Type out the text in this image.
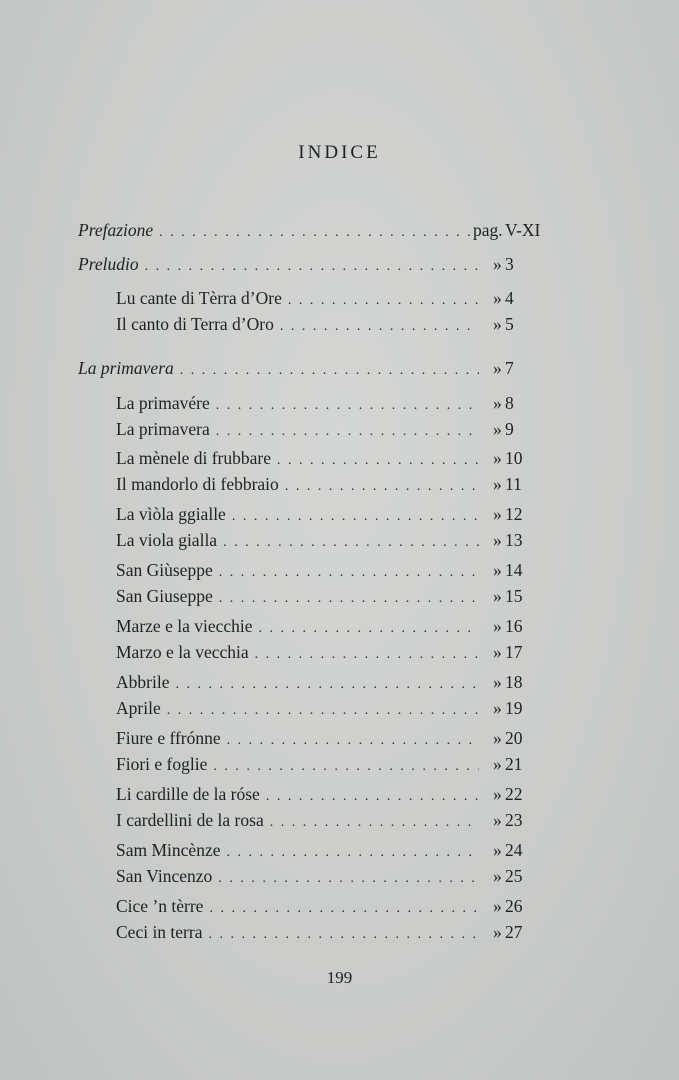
INDICE
Prefazione . . .	pag. V-XI
Preludio . . .	» 3
Lu cante di Tèrra d’Ore . . .	» 4
Il canto di Terra d’Oro . . .	» 5
La primavera . . .	» 7
La primavére . . .	» 8
La primavera . . .	» 9
La mènele di frubbare . . .	» 10
Il mandorlo di febbraio . . .	» 11
La vìòla ggialle . . .	» 12
La viola gialla . . .	» 13
San Giùseppe . . .	» 14
San Giuseppe . . .	» 15
Marze e la viecchie . . .	» 16
Marzo e la vecchia . . .	» 17
Abbrile . . .	» 18
Aprile . . .	» 19
Fiure e ffrónne . . .	» 20
Fiori e foglie . . .	» 21
Li cardille de la róse . . .	» 22
I cardellini de la rosa . . .	» 23
Sam Mincènze . . .	» 24
San Vincenzo . . .	» 25
Cice ’n tèrre . . .	» 26
Ceci in terra . . .	» 27
199
